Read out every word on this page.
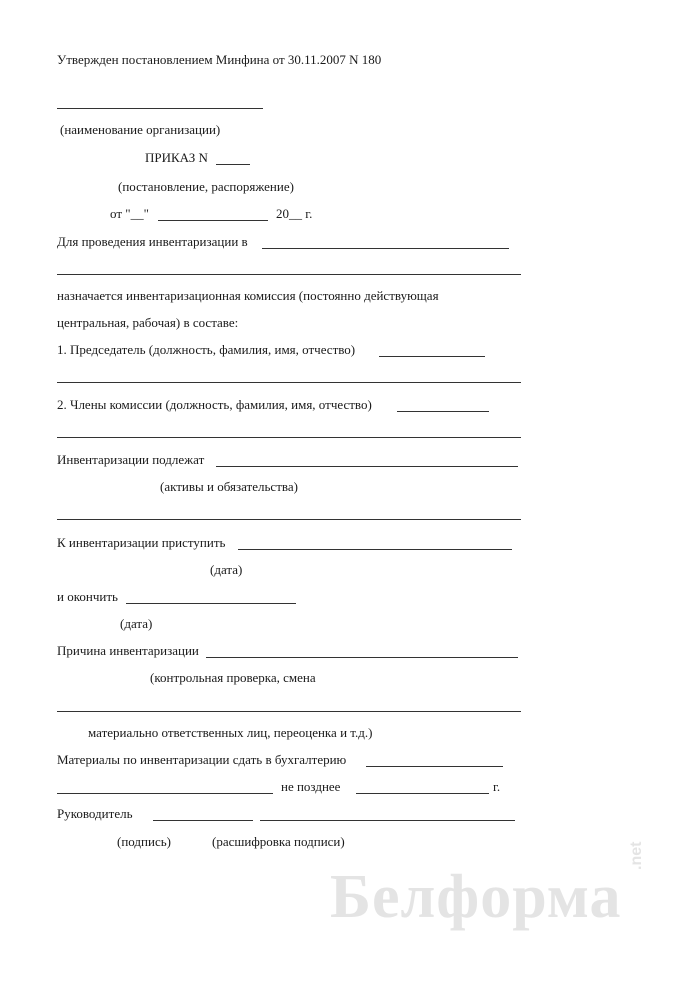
Утвержден постановлением Минфина от 30.11.2007 N 180
(наименование организации)
ПРИКАЗ N
(постановление, распоряжение)
от "__"	20__ г.
Для проведения инвентаризации в
назначается инвентаризационная комиссия (постоянно действующая
центральная, рабочая) в составе:
1. Председатель (должность, фамилия, имя, отчество)
2. Члены комиссии (должность, фамилия, имя, отчество)
Инвентаризации подлежат
(активы и обязательства)
К инвентаризации приступить
(дата)
и окончить
(дата)
Причина инвентаризации
(контрольная проверка, смена
материально ответственных лиц, переоценка и т.д.)
Материалы по инвентаризации сдать в бухгалтерию
не позднее	г.
Руководитель
(подпись)	(расшифровка подписи)
Белформа
.net
